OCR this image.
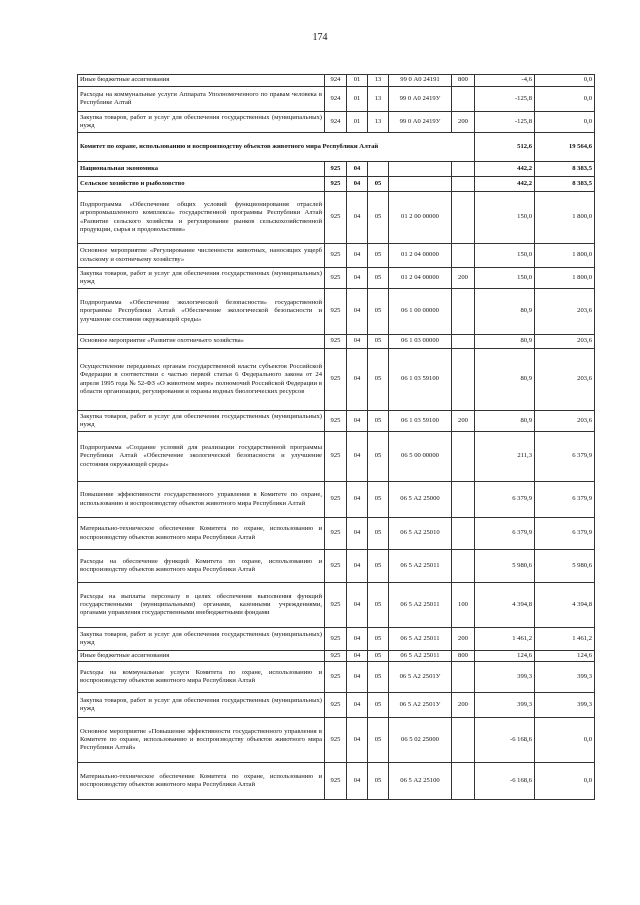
174
Иные бюджетные ассигнования	924	01	13	99 0 А0 24191	800	-4,6	0,0
Расходы на коммунальные услуги Аппарата Уполномоченного по правам человека в Республике Алтай	924	01	13	99 0 А0 2419У		-125,8	0,0
Закупка товаров, работ и услуг для обеспечения государственных (муниципальных) нужд	924	01	13	99 0 А0 2419У	200	-125,8	0,0
Комитет по охране, использованию и воспроизводству объектов животного мира Республики Алтай						512,6	19 564,6
Национальная экономика	925	04				442,2	8 383,5
Сельское хозяйство и рыболовство	925	04	05			442,2	8 383,5
Подпрограмма «Обеспечение общих условий функционирования отраслей агропромышленного комплекса» государственной программы Республики Алтай «Развитие сельского хозяйства и регулирование рынков сельскохозяйственной продукции, сырья и продовольствия»	925	04	05	01 2 00 00000		150,0	1 800,0
Основное мероприятие «Регулирование численности животных, наносящих ущерб сельскому и охотничьему хозяйству»	925	04	05	01 2 04 00000		150,0	1 800,0
Закупка товаров, работ и услуг для обеспечения государственных (муниципальных) нужд	925	04	05	01 2 04 00000	200	150,0	1 800,0
Подпрограмма «Обеспечение экологической безопасности» государственной программы Республики Алтай «Обеспечение экологической безопасности и улучшение состояния окружающей среды»	925	04	05	06 1 00 00000		80,9	203,6
Основное мероприятие «Развитие охотничьего хозяйства»	925	04	05	06 1 03 00000		80,9	203,6
Осуществление переданных органам государственной власти субъектов Российской Федерации в соответствии с частью первой статьи 6 Федерального закона от 24 апреля 1995 года № 52-ФЗ «О животном мире» полномочий Российской Федерации в области организации, регулирования и охраны водных биологических ресурсов	925	04	05	06 1 03 59100		80,9	203,6
Закупка товаров, работ и услуг для обеспечения государственных (муниципальных) нужд	925	04	05	06 1 03 59100	200	80,9	203,6
Подпрограмма «Создание условий для реализации государственной программы Республики Алтай «Обеспечение экологической безопасности и улучшение состояния окружающей среды»	925	04	05	06 5 00 00000		211,3	6 379,9
Повышение эффективности государственного управления в Комитете по охране, использованию и воспроизводству объектов животного мира Республики Алтай	925	04	05	06 5 А2 25000		6 379,9	6 379,9
Материально-техническое обеспечение Комитета по охране, использованию и воспроизводству объектов животного мира Республики Алтай	925	04	05	06 5 А2 25010		6 379,9	6 379,9
Расходы на обеспечение функций Комитета по охране, использованию и воспроизводству объектов животного мира Республики Алтай	925	04	05	06 5 А2 25011		5 980,6	5 980,6
Расходы на выплаты персоналу в целях обеспечения выполнения функций государственными (муниципальными) органами, казенными учреждениями, органами управления государственными внебюджетными фондами	925	04	05	06 5 А2 25011	100	4 394,8	4 394,8
Закупка товаров, работ и услуг для обеспечения государственных (муниципальных) нужд	925	04	05	06 5 А2 25011	200	1 461,2	1 461,2
Иные бюджетные ассигнования	925	04	05	06 5 А2 25011	800	124,6	124,6
Расходы на коммунальные услуги Комитета по охране, использованию и воспроизводству объектов животного мира Республики Алтай	925	04	05	06 5 А2 2501У		399,3	399,3
Закупка товаров, работ и услуг для обеспечения государственных (муниципальных) нужд	925	04	05	06 5 А2 2501У	200	399,3	399,3
Основное мероприятие «Повышение эффективности государственного управления в Комитете по охране, использованию и воспроизводству объектов животного мира Республики Алтай»	925	04	05	06 5 02 25000		-6 168,6	0,0
Материально-техническое обеспечение Комитета по охране, использованию и воспроизводству объектов животного мира Республики Алтай	925	04	05	06 5 А2 25100		-6 168,6	0,0
